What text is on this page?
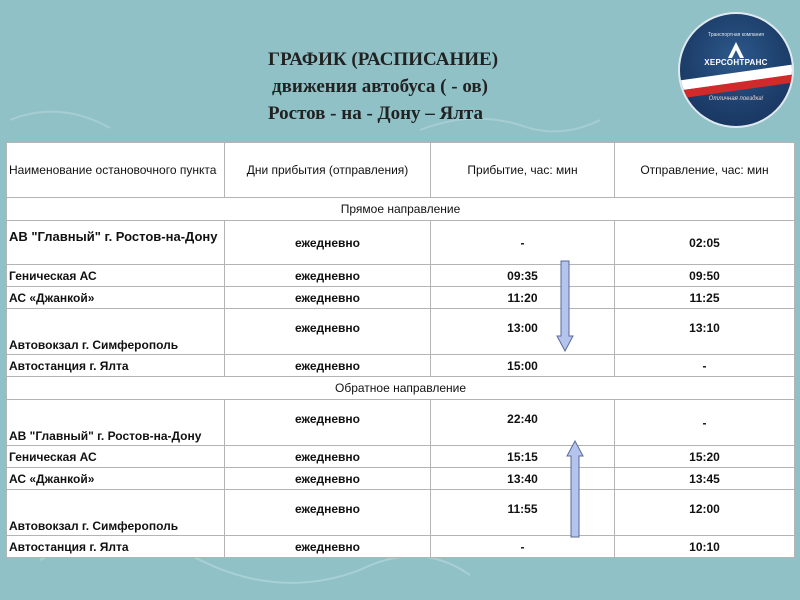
ГРАФИК (РАСПИСАНИЕ)
движения автобуса ( - ов)
Ростов - на - Дону – Ялта
Транспортная компания
ХЕРСОНТРАНС
Отличная поездка!
Наименование остановочного пункта	Дни прибытия (отправления)	Прибытие, час: мин	Отправление, час: мин
Прямое направление			
АВ "Главный" г. Ростов-на-Дону	ежедневно	-	02:05
Геническая АС	ежедневно	09:35	09:50
АС «Джанкой»	ежедневно	11:20	11:25
Автовокзал г. Симферополь	ежедневно	13:00	13:10
Автостанция г. Ялта	ежедневно	15:00	-
Обратное направление			
АВ "Главный" г. Ростов-на-Дону	ежедневно	22:40	-
Геническая АС	ежедневно	15:15	15:20
АС «Джанкой»	ежедневно	13:40	13:45
Автовокзал г. Симферополь	ежедневно	11:55	12:00
Автостанция г. Ялта	ежедневно	-	10:10
